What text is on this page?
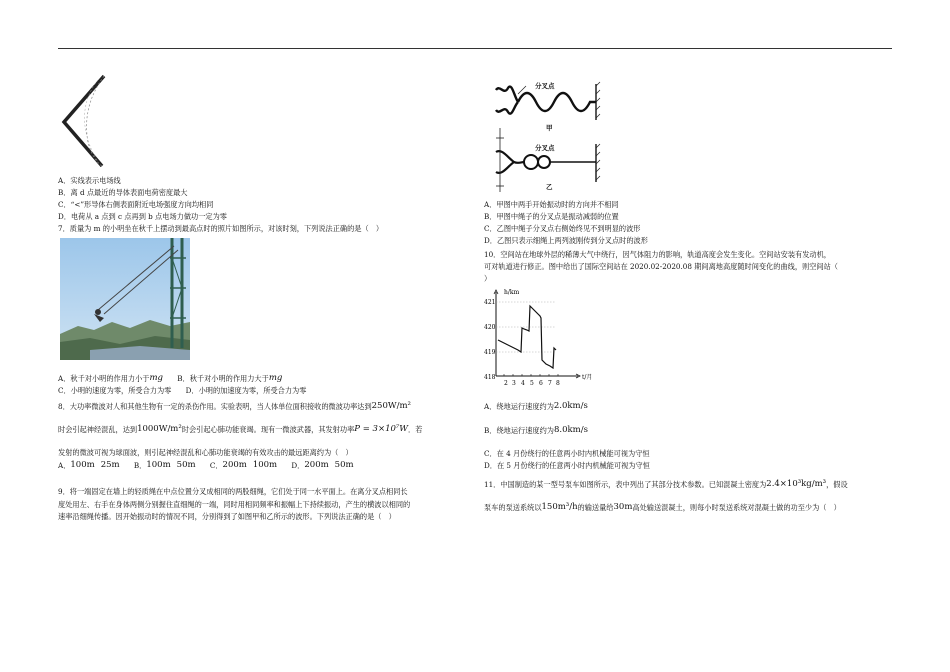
A．实线表示电场线
B．离 d 点最近的导体表面电荷密度最大
C．“<”形导体右侧表面附近电场强度方向均相同
D．电荷从 a 点到 c 点再到 b 点电场力做功一定为零
7．质量为 m 的小明坐在秋千上摆动到最高点时的照片如图所示，对该时刻，下列说法正确的是（　）
A．秋千对小明的作用力小于mg B．秋千对小明的作用力大于mg
C．小明的速度为零，所受合力为零 D．小明的加速度为零，所受合力为零
8．大功率微波对人和其他生物有一定的杀伤作用。实验表明，当人体单位面积接收的微波功率达到250W/m²
时会引起神经混乱，达到1000W/m²时会引起心肺功能衰竭。现有一微波武器，其发射功率P = 3×10⁷W．若
发射的微波可视为球面波，则引起神经混乱和心肺功能衰竭的有效攻击的最远距离约为（　）
A．100m 25m B．100m 50m C．200m 100m D．200m 50m
9．将一端固定在墙上的轻质绳在中点位置分叉成相同的两股细绳，它们处于同一水平面上。在离分叉点相同长
度处用左、右手在身体两侧分别握住直细绳的一端，同时用相同频率和振幅上下持续振动，产生的横波以相同的
速率沿细绳传播。因开始振动时的情况不同，分别得到了如图甲和乙所示的波形。下列说法正确的是（　）
分叉点
甲
分叉点
乙
A．甲图中两手开始振动时的方向并不相同
B．甲图中绳子的分叉点是振动减弱的位置
C．乙图中绳子分叉点右侧始终见不到明显的波形
D．乙图只表示细绳上两列波刚传到分叉点时的波形
10．空间站在地球外层的稀薄大气中绕行，因气体阻力的影响，轨道高度会发生变化。空间站安装有发动机，
可对轨道进行修正。图中给出了国际空间站在 2020.02-2020.08 期间离地高度随时间变化的曲线，则空间站（
）
h/km
421
420
419
418
2 3 4 5 6 7 8
t/月
A．绕地运行速度约为2.0km/s
B．绕地运行速度约为8.0km/s
C．在 4 月份绕行的任意两小时内机械能可视为守恒
D．在 5 月份绕行的任意两小时内机械能可视为守恒
11．中国制造的某一型号泵车如图所示，表中列出了其部分技术参数。已知混凝土密度为2.4×10³kg/m³，假设
泵车的泵送系统以150m³/h的输送量给30m高处输送混凝土，则每小时泵送系统对混凝土做的功至少为（　）
